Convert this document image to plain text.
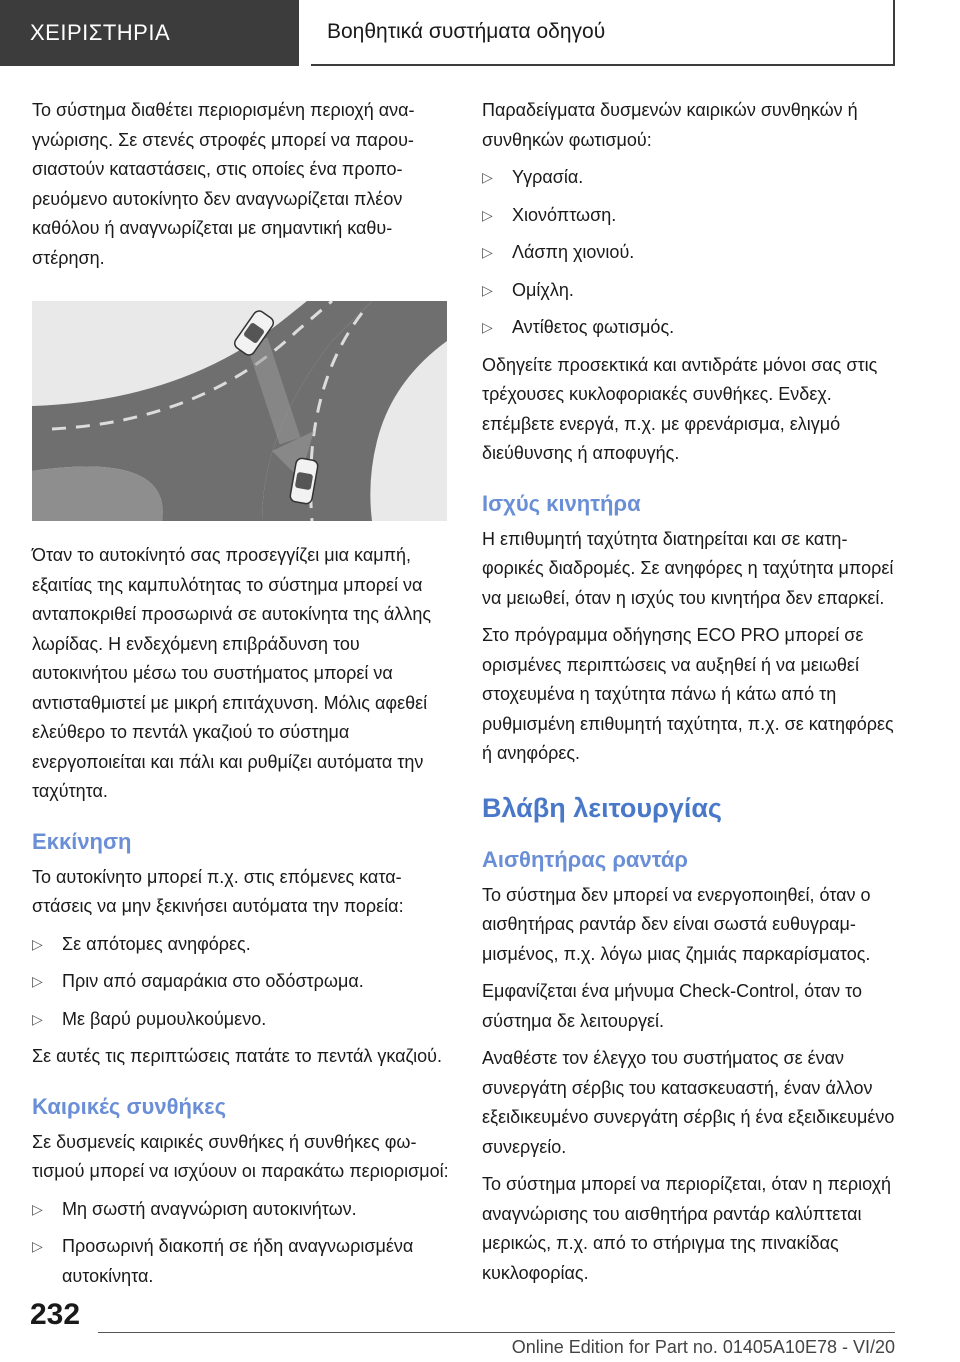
ΧΕΙΡΙΣΤΗΡΙΑ	Βοηθητικά συστήματα οδηγού

Το σύστημα διαθέτει περιορισμένη περιοχή αναγνώρισης. Σε στενές στροφές μπορεί να παρουσιαστούν καταστάσεις, στις οποίες ένα προπορευόμενο αυτοκίνητο δεν αναγνωρίζεται πλέον καθόλου ή αναγνωρίζεται με σημαντική καθυστέρηση.

Όταν το αυτοκίνητό σας προσεγγίζει μια καμπή, εξαιτίας της καμπυλότητας το σύστημα μπορεί να ανταποκριθεί προσωρινά σε αυτοκίνητα της άλλης λωρίδας. Η ενδεχόμενη επιβράδυνση του αυτοκινήτου μέσω του συστήματος μπορεί να αντισταθμιστεί με μικρή επιτάχυνση. Μόλις αφεθεί ελεύθερο το πεντάλ γκαζιού το σύστημα ενεργοποιείται και πάλι και ρυθμίζει αυτόματα την ταχύτητα.

Εκκίνηση

Το αυτοκίνητο μπορεί π.χ. στις επόμενες καταστάσεις να μην ξεκινήσει αυτόματα την πορεία:

▷ Σε απότομες ανηφόρες.
▷ Πριν από σαμαράκια στο οδόστρωμα.
▷ Με βαρύ ρυμουλκούμενο.

Σε αυτές τις περιπτώσεις πατάτε το πεντάλ γκαζιού.

Καιρικές συνθήκες

Σε δυσμενείς καιρικές συνθήκες ή συνθήκες φωτισμού μπορεί να ισχύουν οι παρακάτω περιορισμοί:

▷ Μη σωστή αναγνώριση αυτοκινήτων.
▷ Προσωρινή διακοπή σε ήδη αναγνωρισμένα αυτοκίνητα.

Παραδείγματα δυσμενών καιρικών συνθηκών ή συνθηκών φωτισμού:

▷ Υγρασία.
▷ Χιονόπτωση.
▷ Λάσπη χιονιού.
▷ Ομίχλη.
▷ Αντίθετος φωτισμός.

Οδηγείτε προσεκτικά και αντιδράτε μόνοι σας στις τρέχουσες κυκλοφοριακές συνθήκες. Ενδεχ. επέμβετε ενεργά, π.χ. με φρενάρισμα, ελιγμό διεύθυνσης ή αποφυγής.

Ισχύς κινητήρα

Η επιθυμητή ταχύτητα διατηρείται και σε κατηφορικές διαδρομές. Σε ανηφόρες η ταχύτητα μπορεί να μειωθεί, όταν η ισχύς του κινητήρα δεν επαρκεί.

Στο πρόγραμμα οδήγησης ECO PRO μπορεί σε ορισμένες περιπτώσεις να αυξηθεί ή να μειωθεί στοχευμένα η ταχύτητα πάνω ή κάτω από τη ρυθμισμένη επιθυμητή ταχύτητα, π.χ. σε κατηφόρες ή ανηφόρες.

Βλάβη λειτουργίας
Αισθητήρας ραντάρ

Το σύστημα δεν μπορεί να ενεργοποιηθεί, όταν ο αισθητήρας ραντάρ δεν είναι σωστά ευθυγραμμισμένος, π.χ. λόγω μιας ζημιάς παρκαρίσματος.

Εμφανίζεται ένα μήνυμα Check-Control, όταν το σύστημα δε λειτουργεί.

Αναθέστε τον έλεγχο του συστήματος σε έναν συνεργάτη σέρβις του κατασκευαστή, έναν άλλον εξειδικευμένο συνεργάτη σέρβις ή ένα εξειδικευμένο συνεργείο.

Το σύστημα μπορεί να περιορίζεται, όταν η περιοχή αναγνώρισης του αισθητήρα ραντάρ καλύπτεται μερικώς, π.χ. από το στήριγμα της πινακίδας κυκλοφορίας.

232
Online Edition for Part no. 01405A10E78 - VI/20
